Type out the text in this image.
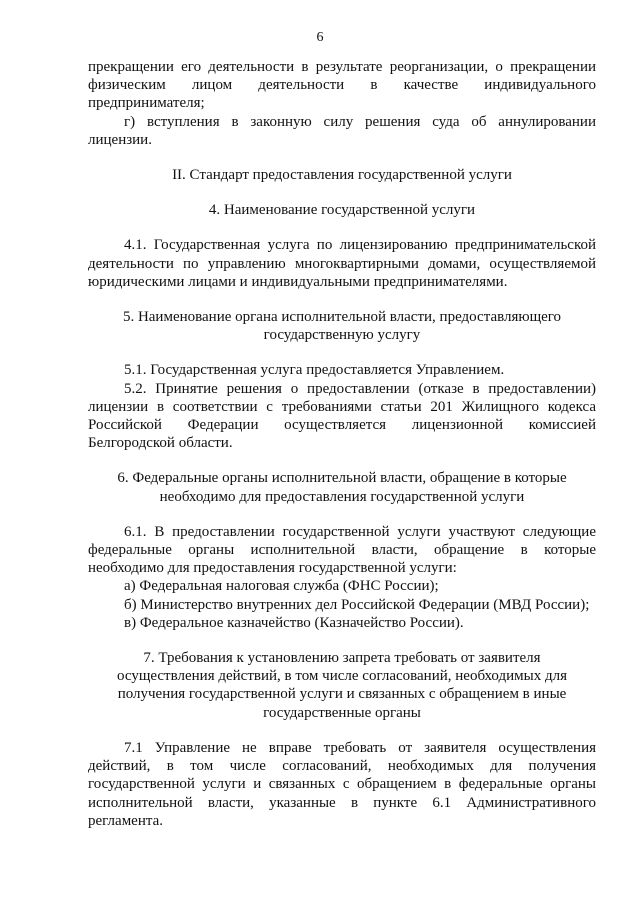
6

прекращении его деятельности в результате реорганизации, о прекращении физическим лицом деятельности в качестве индивидуального предпринимателя;

г) вступления в законную силу решения суда об аннулировании лицензии.

II. Стандарт предоставления государственной услуги

4. Наименование государственной услуги

4.1. Государственная услуга по лицензированию предпринимательской деятельности по управлению многоквартирными домами, осуществляемой юридическими лицами и индивидуальными предпринимателями.

5. Наименование органа исполнительной власти, предоставляющего

государственную услугу

5.1. Государственная услуга предоставляется Управлением.

5.2. Принятие решения о предоставлении (отказе в предоставлении) лицензии в соответствии с требованиями статьи 201 Жилищного кодекса Российской Федерации осуществляется лицензионной комиссией Белгородской области.

6. Федеральные органы исполнительной власти, обращение в которые

необходимо для предоставления государственной услуги

6.1. В предоставлении государственной услуги участвуют следующие федеральные органы исполнительной власти, обращение в которые необходимо для предоставления государственной услуги:

а) Федеральная налоговая служба (ФНС России);

б) Министерство внутренних дел Российской Федерации (МВД России);

в) Федеральное казначейство (Казначейство России).

7. Требования к установлению запрета требовать от заявителя

осуществления действий, в том числе согласований, необходимых для

получения государственной услуги и связанных с обращением в иные

государственные органы

7.1 Управление не вправе требовать от заявителя осуществления действий, в том числе согласований, необходимых для получения государственной услуги и связанных с обращением в федеральные органы исполнительной власти, указанные в пункте 6.1 Административного регламента.
